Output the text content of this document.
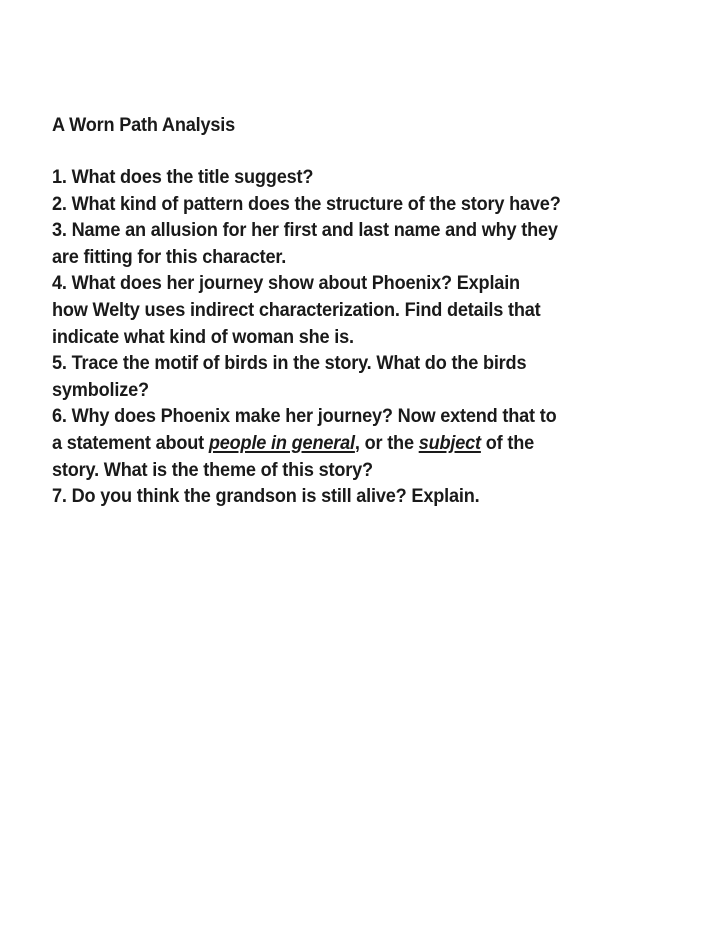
A Worn Path Analysis
1. What does the title suggest?
2. What kind of pattern does the structure of the story have?
3. Name an allusion for her first and last name and why they
are fitting for this character.
4. What does her journey show about Phoenix? Explain
how Welty uses indirect characterization. Find details that
indicate what kind of woman she is.
5. Trace the motif of birds in the story. What do the birds
symbolize?
6. Why does Phoenix make her journey? Now extend that to
a statement about people in general, or the subject of the
story. What is the theme of this story?
7. Do you think the grandson is still alive? Explain.
